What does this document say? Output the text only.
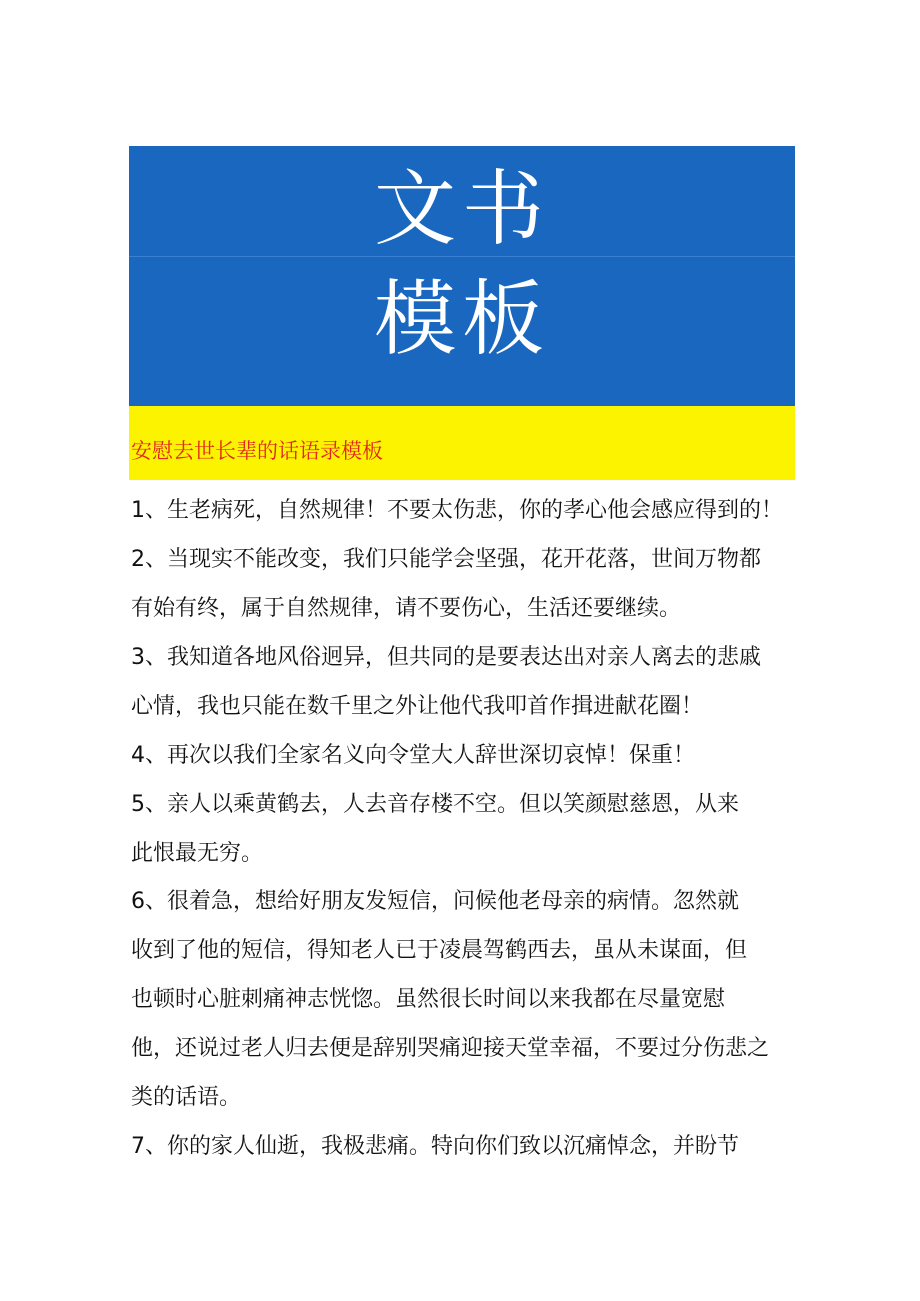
文书
模板
安慰去世长辈的话语录模板
1、生老病死，自然规律！不要太伤悲，你的孝心他会感应得到的！
2、当现实不能改变，我们只能学会坚强，花开花落，世间万物都
有始有终，属于自然规律，请不要伤心，生活还要继续。
3、我知道各地风俗迥异，但共同的是要表达出对亲人离去的悲戚
心情，我也只能在数千里之外让他代我叩首作揖进献花圈！
4、再次以我们全家名义向令堂大人辞世深切哀悼！保重！
5、亲人以乘黄鹤去，人去音存楼不空。但以笑颜慰慈恩，从来
此恨最无穷。
6、很着急，想给好朋友发短信，问候他老母亲的病情。忽然就
收到了他的短信，得知老人已于凌晨驾鹤西去，虽从未谋面，但
也顿时心脏刺痛神志恍惚。虽然很长时间以来我都在尽量宽慰
他，还说过老人归去便是辞别哭痛迎接天堂幸福，不要过分伤悲之
类的话语。
7、你的家人仙逝，我极悲痛。特向你们致以沉痛悼念，并盼节
